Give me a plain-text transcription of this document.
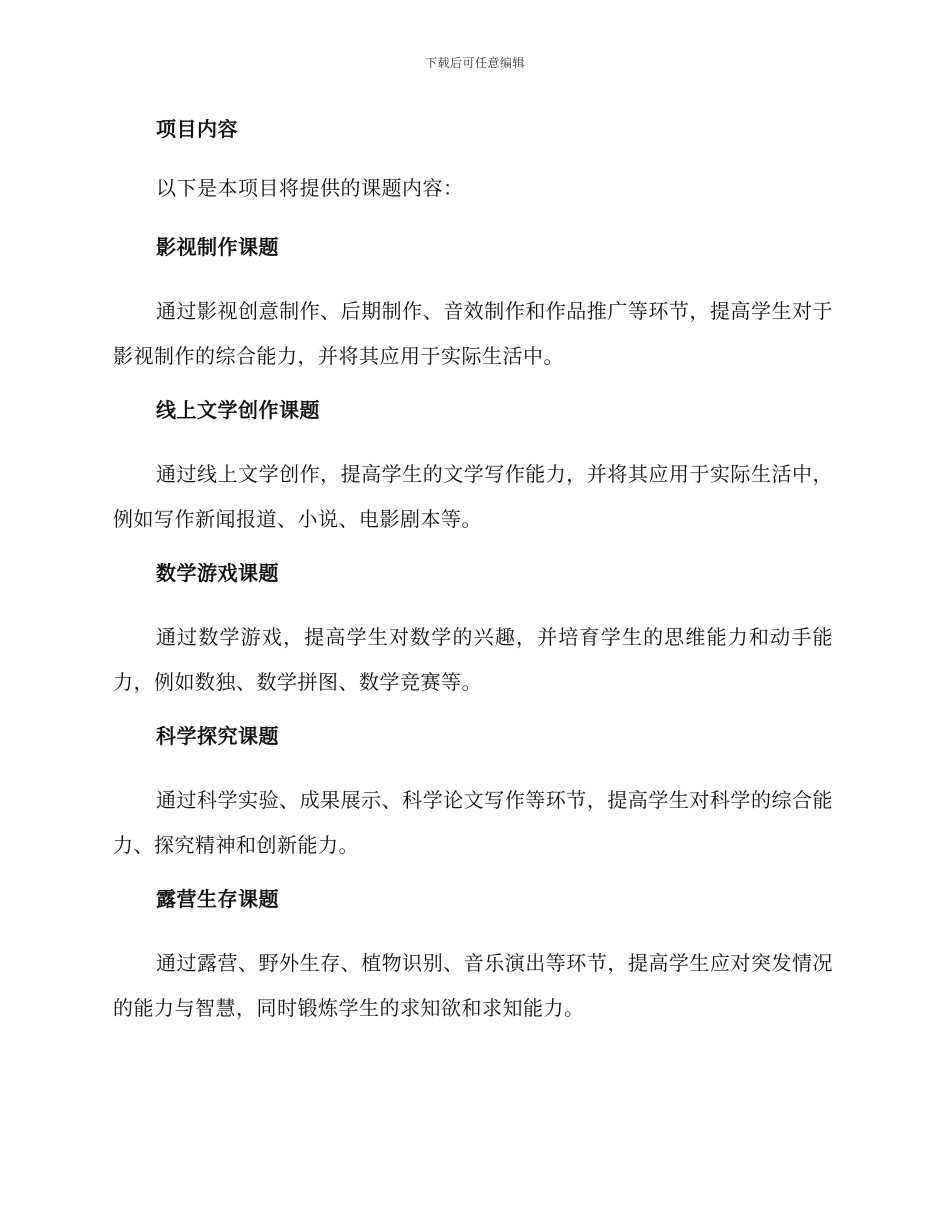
下载后可任意编辑
项目内容
以下是本项目将提供的课题内容：
影视制作课题
通过影视创意制作、后期制作、音效制作和作品推广等环节，提高学生对于影视制作的综合能力，并将其应用于实际生活中。
线上文学创作课题
通过线上文学创作，提高学生的文学写作能力，并将其应用于实际生活中，例如写作新闻报道、小说、电影剧本等。
数学游戏课题
通过数学游戏，提高学生对数学的兴趣，并培育学生的思维能力和动手能力，例如数独、数学拼图、数学竞赛等。
科学探究课题
通过科学实验、成果展示、科学论文写作等环节，提高学生对科学的综合能力、探究精神和创新能力。
露营生存课题
通过露营、野外生存、植物识别、音乐演出等环节，提高学生应对突发情况的能力与智慧，同时锻炼学生的求知欲和求知能力。
